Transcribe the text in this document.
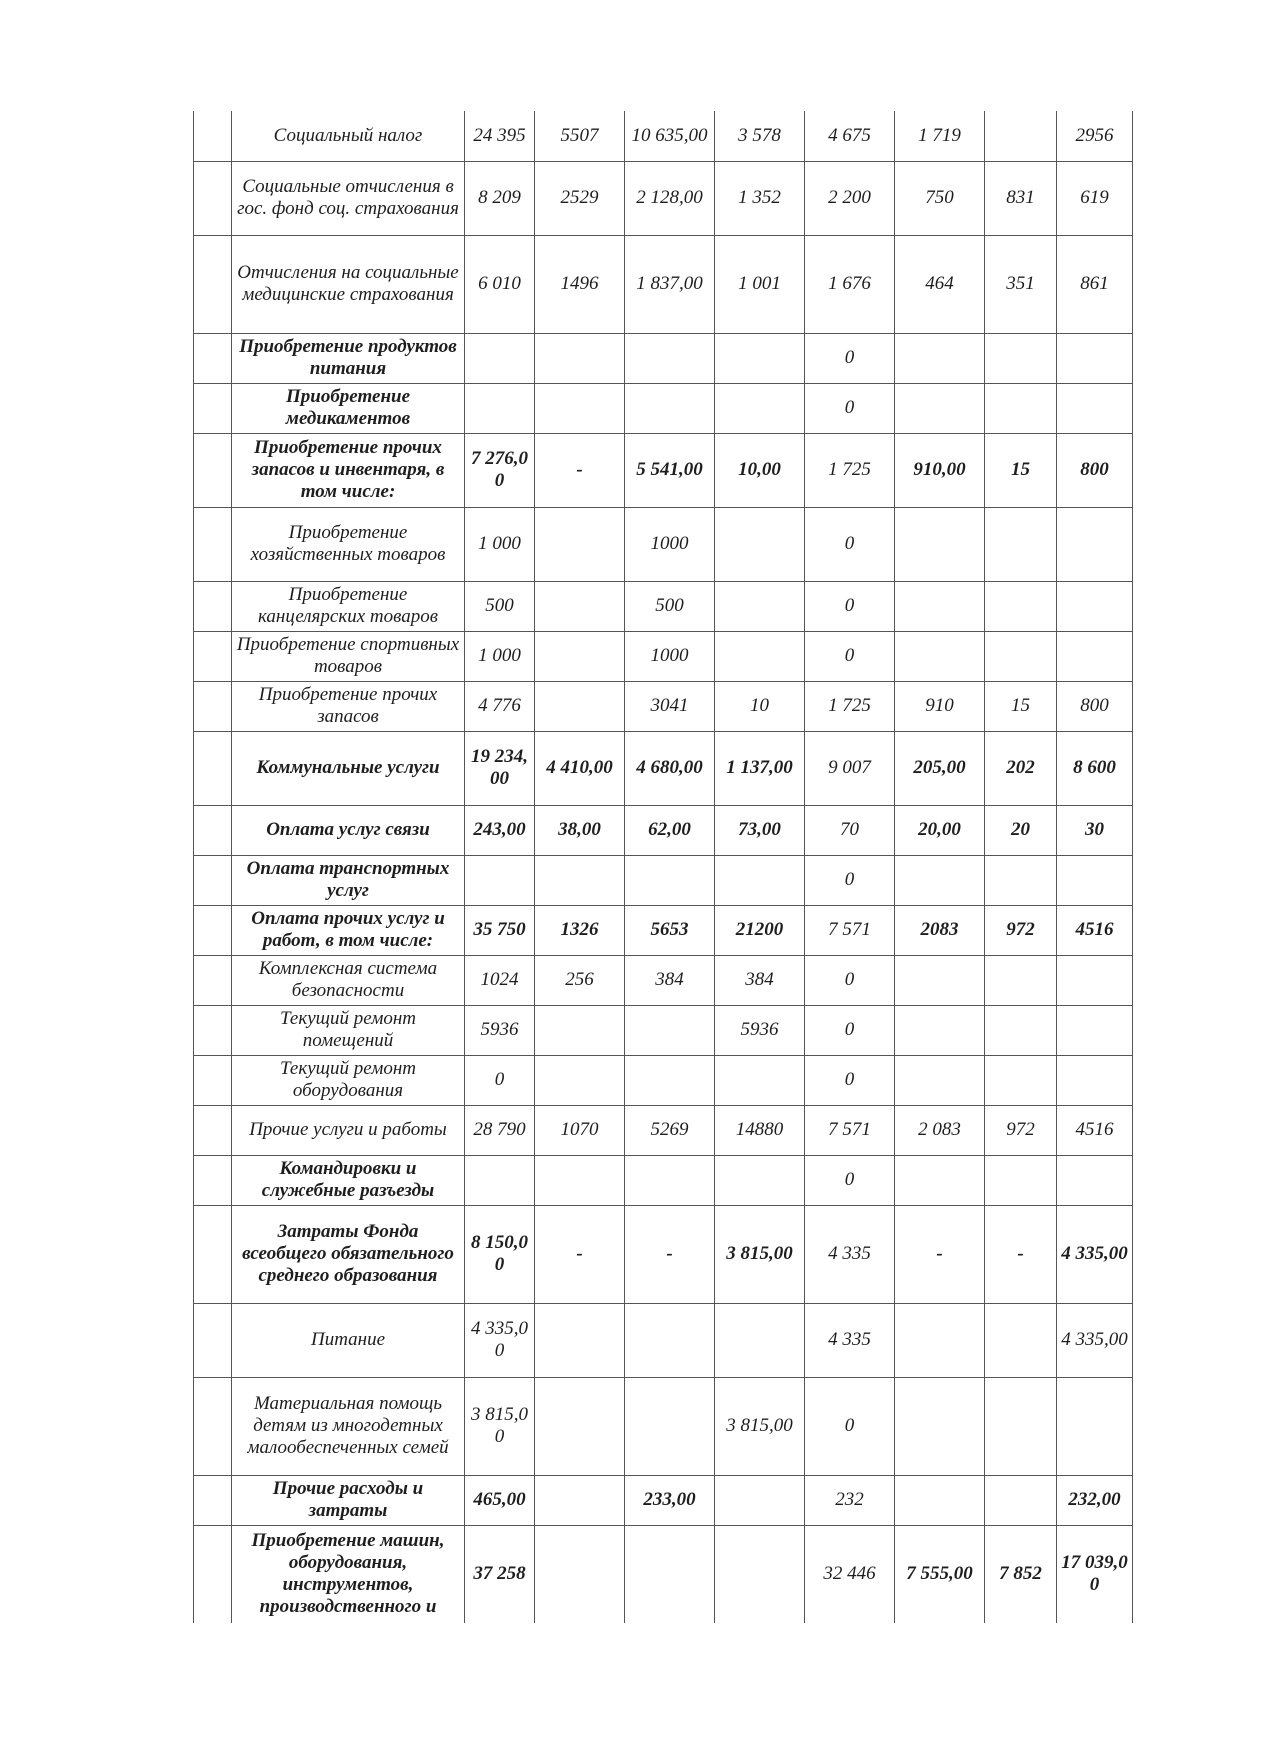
	Социальный налог	24 395	5507	10 635,00	3 578	4 675	1 719		2956
	Социальные отчисления в гос. фонд соц. страхования	8 209	2529	2 128,00	1 352	2 200	750	831	619
	Отчисления на социальные медицинские страхования	6 010	1496	1 837,00	1 001	1 676	464	351	861
	Приобретение продуктов питания					0			
	Приобретение медикаментов					0			
	Приобретение прочих запасов и инвентаря, в том числе:	7 276,00	-	5 541,00	10,00	1 725	910,00	15	800
	Приобретение хозяйственных товаров	1 000		1000		0			
	Приобретение канцелярских товаров	500		500		0			
	Приобретение спортивных товаров	1 000		1000		0			
	Приобретение прочих запасов	4 776		3041	10	1 725	910	15	800
	Коммунальные услуги	19 234,00	4 410,00	4 680,00	1 137,00	9 007	205,00	202	8 600
	Оплата услуг связи	243,00	38,00	62,00	73,00	70	20,00	20	30
	Оплата транспортных услуг					0			
	Оплата прочих услуг и работ, в том числе:	35 750	1326	5653	21200	7 571	2083	972	4516
	Комплексная система безопасности	1024	256	384	384	0			
	Текущий ремонт помещений	5936			5936	0			
	Текущий ремонт оборудования	0				0			
	Прочие услуги и работы	28 790	1070	5269	14880	7 571	2 083	972	4516
	Командировки и служебные разъезды					0			
	Затраты Фонда всеобщего обязательного среднего образования	8 150,00	-	-	3 815,00	4 335	-	-	4 335,00
	Питание	4 335,00				4 335			4 335,00
	Материальная помощь детям из многодетных малообеспеченных семей	3 815,00			3 815,00	0			
	Прочие расходы и затраты	465,00		233,00		232			232,00
	Приобретение машин, оборудования, инструментов, производственного и	37 258				32 446	7 555,00	7 852	17 039,00
